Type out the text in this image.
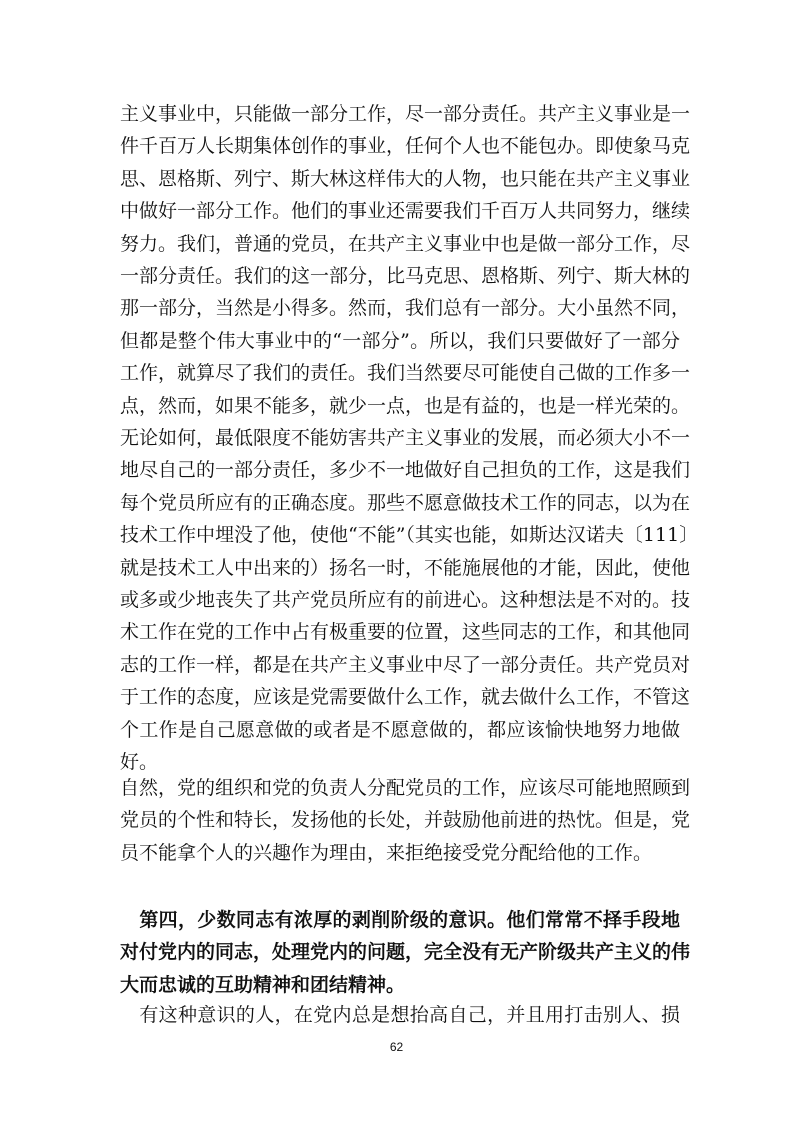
主义事业中，只能做一部分工作，尽一部分责任。共产主义事业是一
件千百万人长期集体创作的事业，任何个人也不能包办。即使象马克
思、恩格斯、列宁、斯大林这样伟大的人物，也只能在共产主义事业
中做好一部分工作。他们的事业还需要我们千百万人共同努力，继续
努力。我们，普通的党员，在共产主义事业中也是做一部分工作，尽
一部分责任。我们的这一部分，比马克思、恩格斯、列宁、斯大林的
那一部分，当然是小得多。然而，我们总有一部分。大小虽然不同，
但都是整个伟大事业中的“一部分”。所以，我们只要做好了一部分
工作，就算尽了我们的责任。我们当然要尽可能使自己做的工作多一
点，然而，如果不能多，就少一点，也是有益的，也是一样光荣的。
无论如何，最低限度不能妨害共产主义事业的发展，而必须大小不一
地尽自己的一部分责任，多少不一地做好自己担负的工作，这是我们
每个党员所应有的正确态度。那些不愿意做技术工作的同志，以为在
技术工作中埋没了他，使他“不能”（其实也能，如斯达汉诺夫〔111〕
就是技术工人中出来的）扬名一时，不能施展他的才能，因此，使他
或多或少地丧失了共产党员所应有的前进心。这种想法是不对的。技
术工作在党的工作中占有极重要的位置，这些同志的工作，和其他同
志的工作一样，都是在共产主义事业中尽了一部分责任。共产党员对
于工作的态度，应该是党需要做什么工作，就去做什么工作，不管这
个工作是自己愿意做的或者是不愿意做的，都应该愉快地努力地做
好。
自然，党的组织和党的负责人分配党员的工作，应该尽可能地照顾到
党员的个性和特长，发扬他的长处，并鼓励他前进的热忱。但是，党
员不能拿个人的兴趣作为理由，来拒绝接受党分配给他的工作。
　第四，少数同志有浓厚的剥削阶级的意识。他们常常不择手段地
对付党内的同志，处理党内的问题，完全没有无产阶级共产主义的伟
大而忠诚的互助精神和团结精神。
　有这种意识的人，在党内总是想抬高自己，并且用打击别人、损
62
